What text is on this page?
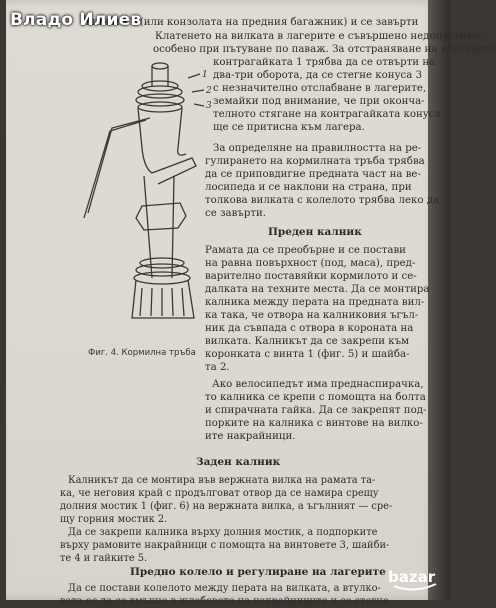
шината 2 (или конзолата на предния багажник) и се завърти
Клатенето на вилката в лагерите е съвършено недопустимо,
особено при пътуване по паваж. За отстраняване на клатенето
контрагайката 1 трябва да се отвърти на
два-три оборота, да се стегне конуса 3
с незначително отслабване в лагерите,
земайки под внимание, че при оконча-
телното стягане на контрагайката конуса
ще се притисна към лагера.
За определяне на правилността на ре-
гулирането на кормилната тръба трябва
да се приповдигне предната част на ве-
лосипеда и се наклони на страна, при
толкова вилката с колелото трябва леко да
се завърти.
Преден калник
Рамата да се преобърне и се постави
на равна повърхност (под, маса), пред-
варително поставяйки кормилото и се-
далката на техните места. Да се монтира
калника между перата на предната вил-
ка така, че отвора на калниковия ъгъл-
ник да съвпада с отвора в короната на
вилката. Калникът да се закрепи към
коронката с винта 1 (фиг. 5) и шайба-
та 2.
Ако велосипедът има преднаспирачка,
то калника се крепи с помощта на болта
и спирачната гайка. Да се закрепят под-
порките на калника с винтове на вилко-
ите накрайници.
1
2
3
Фиг. 4. Кормилна тръба
Заден калник
Калникът да се монтира във вержната вилка на рамата та-
ка, че неговия край с продълговат отвор да се намира срещу
долния мостик 1 (фиг. 6) на вержната вилка, а ъгълният — сре-
щу горния мостик 2.
Да се закрепи калника върху долния мостик, а подпорките
върху рамовите накрайници с помощта на винтовете 3, шайби-
те 4 и гайките 5.
Предно колело и регулиране на лагерите
Да се постави колелото между перата на вилката, а втулко-
вата ос да се вмъкне в жлебовете на накрайниците и се стегне
Владо Илиев
bazar
